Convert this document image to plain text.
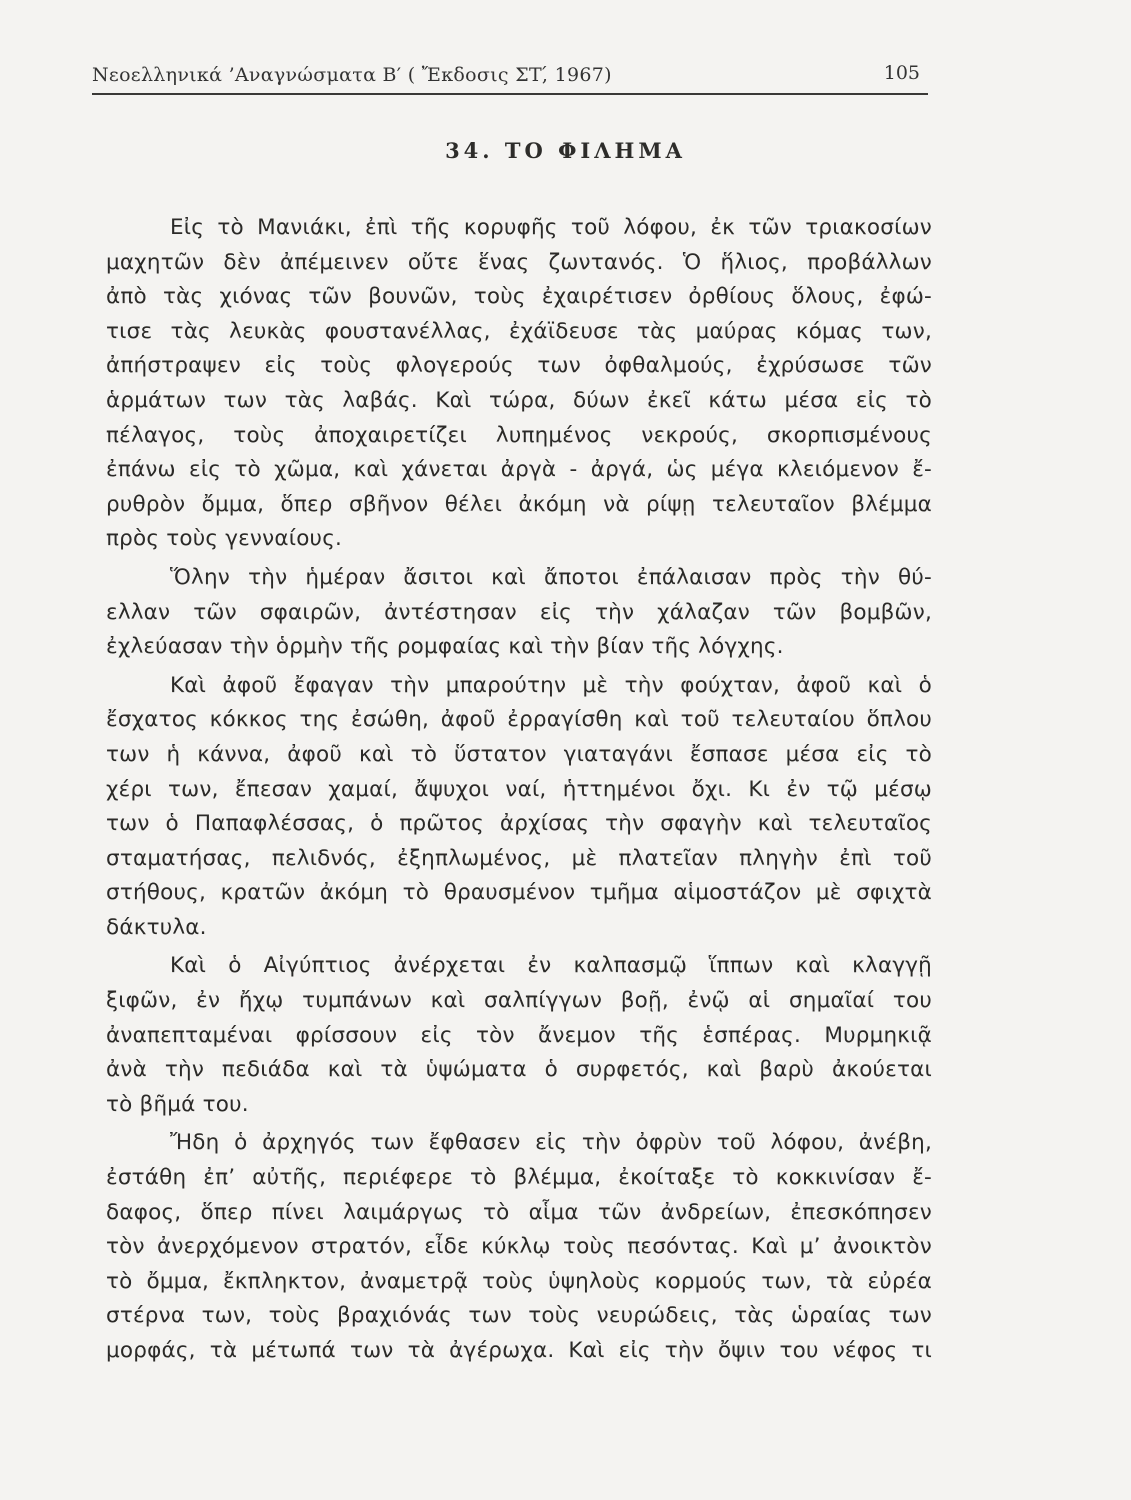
Νεοελληνικά ’Αναγνώσματα Β′ ( Ἔκδοσις ΣΤ,́ 1967)	105
34. ΤΟ ΦΙΛΗΜΑ
Εἰς τὸ Μανιάκι, ἐπὶ τῆς κορυφῆς τοῦ λόφου, ἐκ τῶν τριακοσίων
μαχητῶν δὲν ἀπέμεινεν οὔτε ἕνας ζωντανός. Ὁ ἥλιος, προβάλλων
ἀπὸ τὰς χιόνας τῶν βουνῶν, τοὺς ἐχαιρέτισεν ὀρθίους ὅλους, ἐφώ-
τισε τὰς λευκὰς φουστανέλλας, ἐχάϊδευσε τὰς μαύρας κόμας των,
ἀπήστραψεν εἰς τοὺς φλογερούς των ὀφθαλμούς, ἐχρύσωσε τῶν
ἁρμάτων των τὰς λαβάς. Καὶ τώρα, δύων ἐκεῖ κάτω μέσα εἰς τὸ
πέλαγος, τοὺς ἀποχαιρετίζει λυπημένος νεκρούς, σκορπισμένους
ἐπάνω εἰς τὸ χῶμα, καὶ χάνεται ἀργὰ - ἀργά, ὡς μέγα κλειόμενον ἔ-
ρυθρὸν ὄμμα, ὅπερ σβῆνον θέλει ἀκόμη νὰ ρίψῃ τελευταῖον βλέμμα
πρὸς τοὺς γενναίους.
Ὅλην τὴν ἡμέραν ἄσιτοι καὶ ἄποτοι ἐπάλαισαν πρὸς τὴν θύ-
ελλαν τῶν σφαιρῶν, ἀντέστησαν εἰς τὴν χάλαζαν τῶν βομβῶν,
ἐχλεύασαν τὴν ὁρμὴν τῆς ρομφαίας καὶ τὴν βίαν τῆς λόγχης.
Καὶ ἀφοῦ ἔφαγαν τὴν μπαρούτην μὲ τὴν φούχταν, ἀφοῦ καὶ ὁ
ἔσχατος κόκκος της ἐσώθη, ἀφοῦ ἐρραγίσθη καὶ τοῦ τελευταίου ὅπλου
των ἡ κάννα, ἀφοῦ καὶ τὸ ὕστατον γιαταγάνι ἔσπασε μέσα εἰς τὸ
χέρι των, ἔπεσαν χαμαί, ἄψυχοι ναί, ἡττημένοι ὄχι. Κι ἐν τῷ μέσῳ
των ὁ Παπαφλέσσας, ὁ πρῶτος ἀρχίσας τὴν σφαγὴν καὶ τελευταῖος
σταματήσας, πελιδνός, ἐξηπλωμένος, μὲ πλατεῖαν πληγὴν ἐπὶ τοῦ
στήθους, κρατῶν ἀκόμη τὸ θραυσμένον τμῆμα αἱμοστάζον μὲ σφιχτὰ
δάκτυλα.
Καὶ ὁ Αἰγύπτιος ἀνέρχεται ἐν καλπασμῷ ἵππων καὶ κλαγγῇ
ξιφῶν, ἐν ἤχῳ τυμπάνων καὶ σαλπίγγων βοῇ, ἐνῷ αἱ σημαῖαί του
ἀναπεπταμέναι φρίσσουν εἰς τὸν ἄνεμον τῆς ἑσπέρας. Μυρμηκιᾷ
ἀνὰ τὴν πεδιάδα καὶ τὰ ὑψώματα ὁ συρφετός, καὶ βαρὺ ἀκούεται
τὸ βῆμά του.
Ἤδη ὁ ἀρχηγός των ἔφθασεν εἰς τὴν ὀφρὺν τοῦ λόφου, ἀνέβη,
ἐστάθη ἐπ’ αὐτῆς, περιέφερε τὸ βλέμμα, ἐκοίταξε τὸ κοκκινίσαν ἔ-
δαφος, ὅπερ πίνει λαιμάργως τὸ αἷμα τῶν ἀνδρείων, ἐπεσκόπησεν
τὸν ἀνερχόμενον στρατόν, εἶδε κύκλῳ τοὺς πεσόντας. Καὶ μ’ ἀνοικτὸν
τὸ ὄμμα, ἔκπληκτον, ἀναμετρᾷ τοὺς ὑψηλοὺς κορμούς των, τὰ εὐρέα
στέρνα των, τοὺς βραχιόνάς των τοὺς νευρώδεις, τὰς ὡραίας των
μορφάς, τὰ μέτωπά των τὰ ἀγέρωχα. Καὶ εἰς τὴν ὄψιν του νέφος τι
